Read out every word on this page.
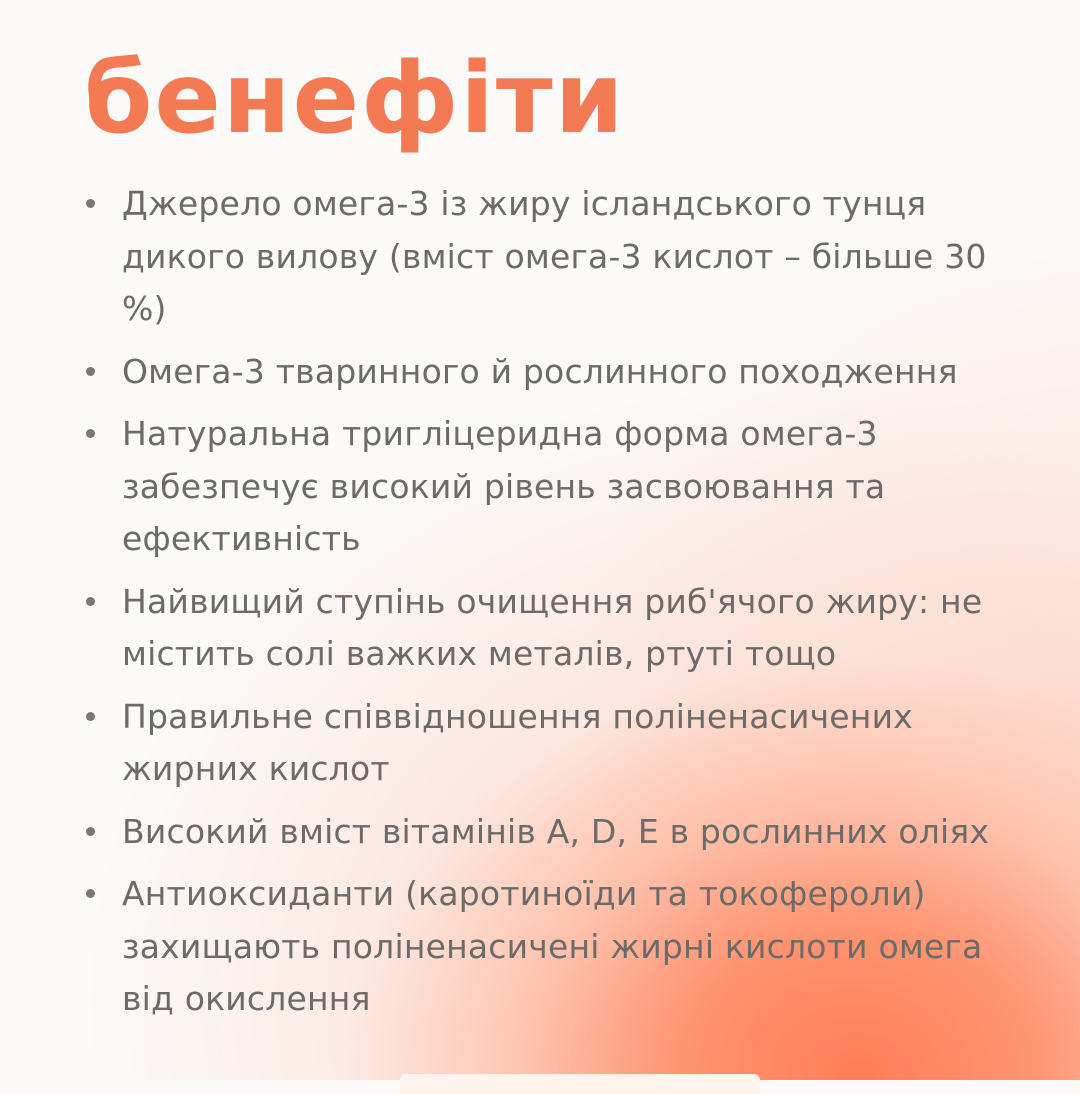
бенефіти
Джерело омега-3 із жиру ісландського тунця дикого вилову (вміст омега-3 кислот – більше 30 %)
Омега-3 тваринного й рослинного походження
Натуральна тригліцеридна форма омега-3 забезпечує високий рівень засвоювання та ефективність
Найвищий ступінь очищення риб'ячого жиру: не містить солі важких металів, ртуті тощо
Правильне співвідношення поліненасичених жирних кислот
Високий вміст вітамінів A, D, E в рослинних оліях
Антиоксиданти (каротиноїди та токофероли) захищають поліненасичені жирні кислоти омега від окислення
